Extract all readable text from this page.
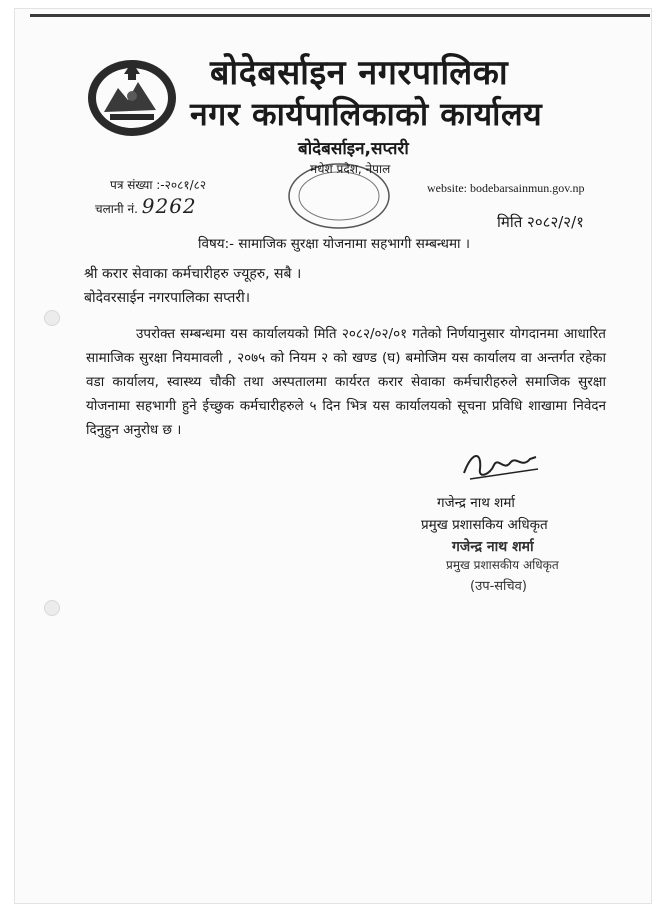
बोदेबर्साइन नगरपालिका
नगर कार्यपालिकाको कार्यालय
बोदेबर्साइन,सप्तरी
मधेश प्रदेश, नेपाल
पत्र संख्या :-२०८१/८२
चलानी नं. 9262
website: bodebarsainmun.gov.np
मिति २०८२/२/१
विषय:- सामाजिक सुरक्षा योजनामा सहभागी सम्बन्धमा ।
श्री करार सेवाका कर्मचारीहरु ज्यूहरु, सबै ।
बोदेवरसाईन नगरपालिका सप्तरी।
उपरोक्त सम्बन्धमा यस कार्यालयको मिति २०८२/०२/०१ गतेको निर्णयानुसार योगदानमा आधारित सामाजिक सुरक्षा नियमावली , २०७५ को नियम २ को खण्ड (घ) बमोजिम यस कार्यालय वा अन्तर्गत रहेका वडा कार्यालय, स्वास्थ्य चौकी तथा अस्पतालमा कार्यरत करार सेवाका कर्मचारीहरुले समाजिक सुरक्षा योजनामा सहभागी हुने ईच्छुक कर्मचारीहरुले ५ दिन भित्र यस कार्यालयको सूचना प्रविधि शाखामा निवेदन दिनुहुन अनुरोध छ ।
गजेन्द्र नाथ शर्मा
प्रमुख प्रशासकिय अधिकृत
गजेन्द्र नाथ शर्मा
प्रमुख प्रशासकीय अधिकृत
(उप-सचिव)
